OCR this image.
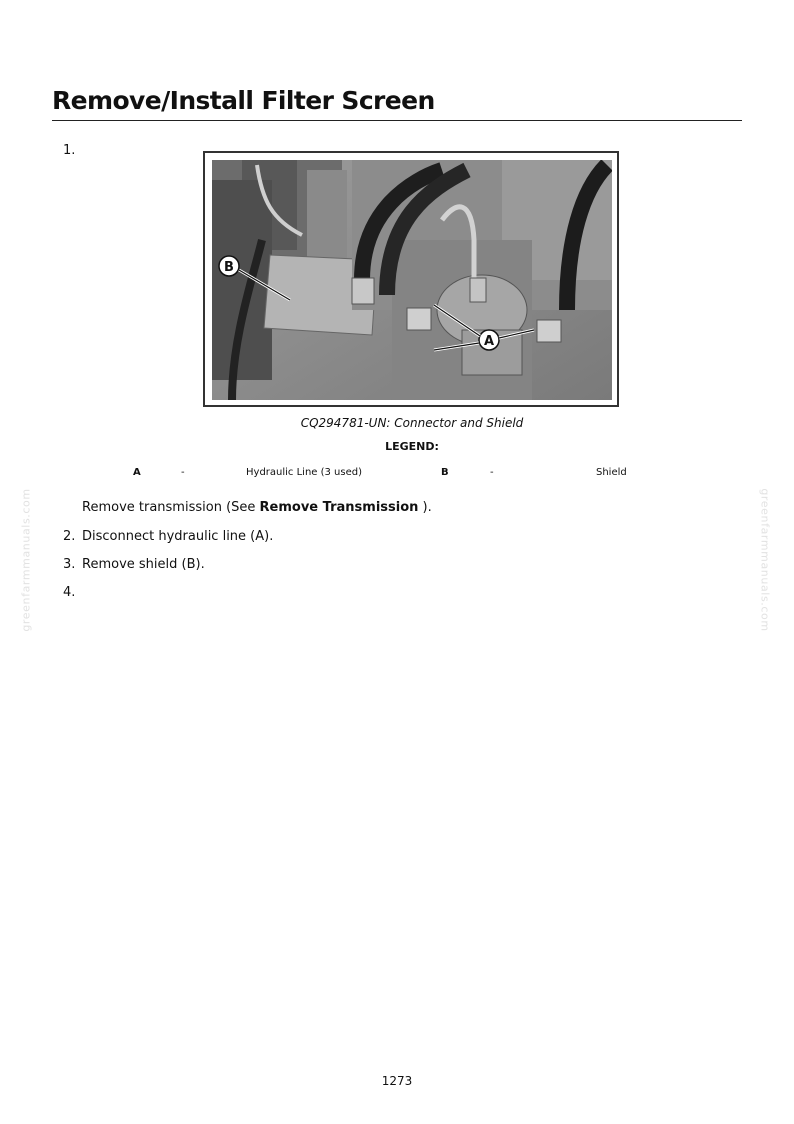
Remove/Install Filter Screen
1.
A
B
CQ294781-UN: Connector and Shield
LEGEND:
A	-	Hydraulic Line (3 used)	B	-	Shield
Remove transmission (See Remove Transmission ).
2. Disconnect hydraulic line (A).
3. Remove shield (B).
4.
greenfarmmanuals.com	greenfarmmanuals.com
1273
